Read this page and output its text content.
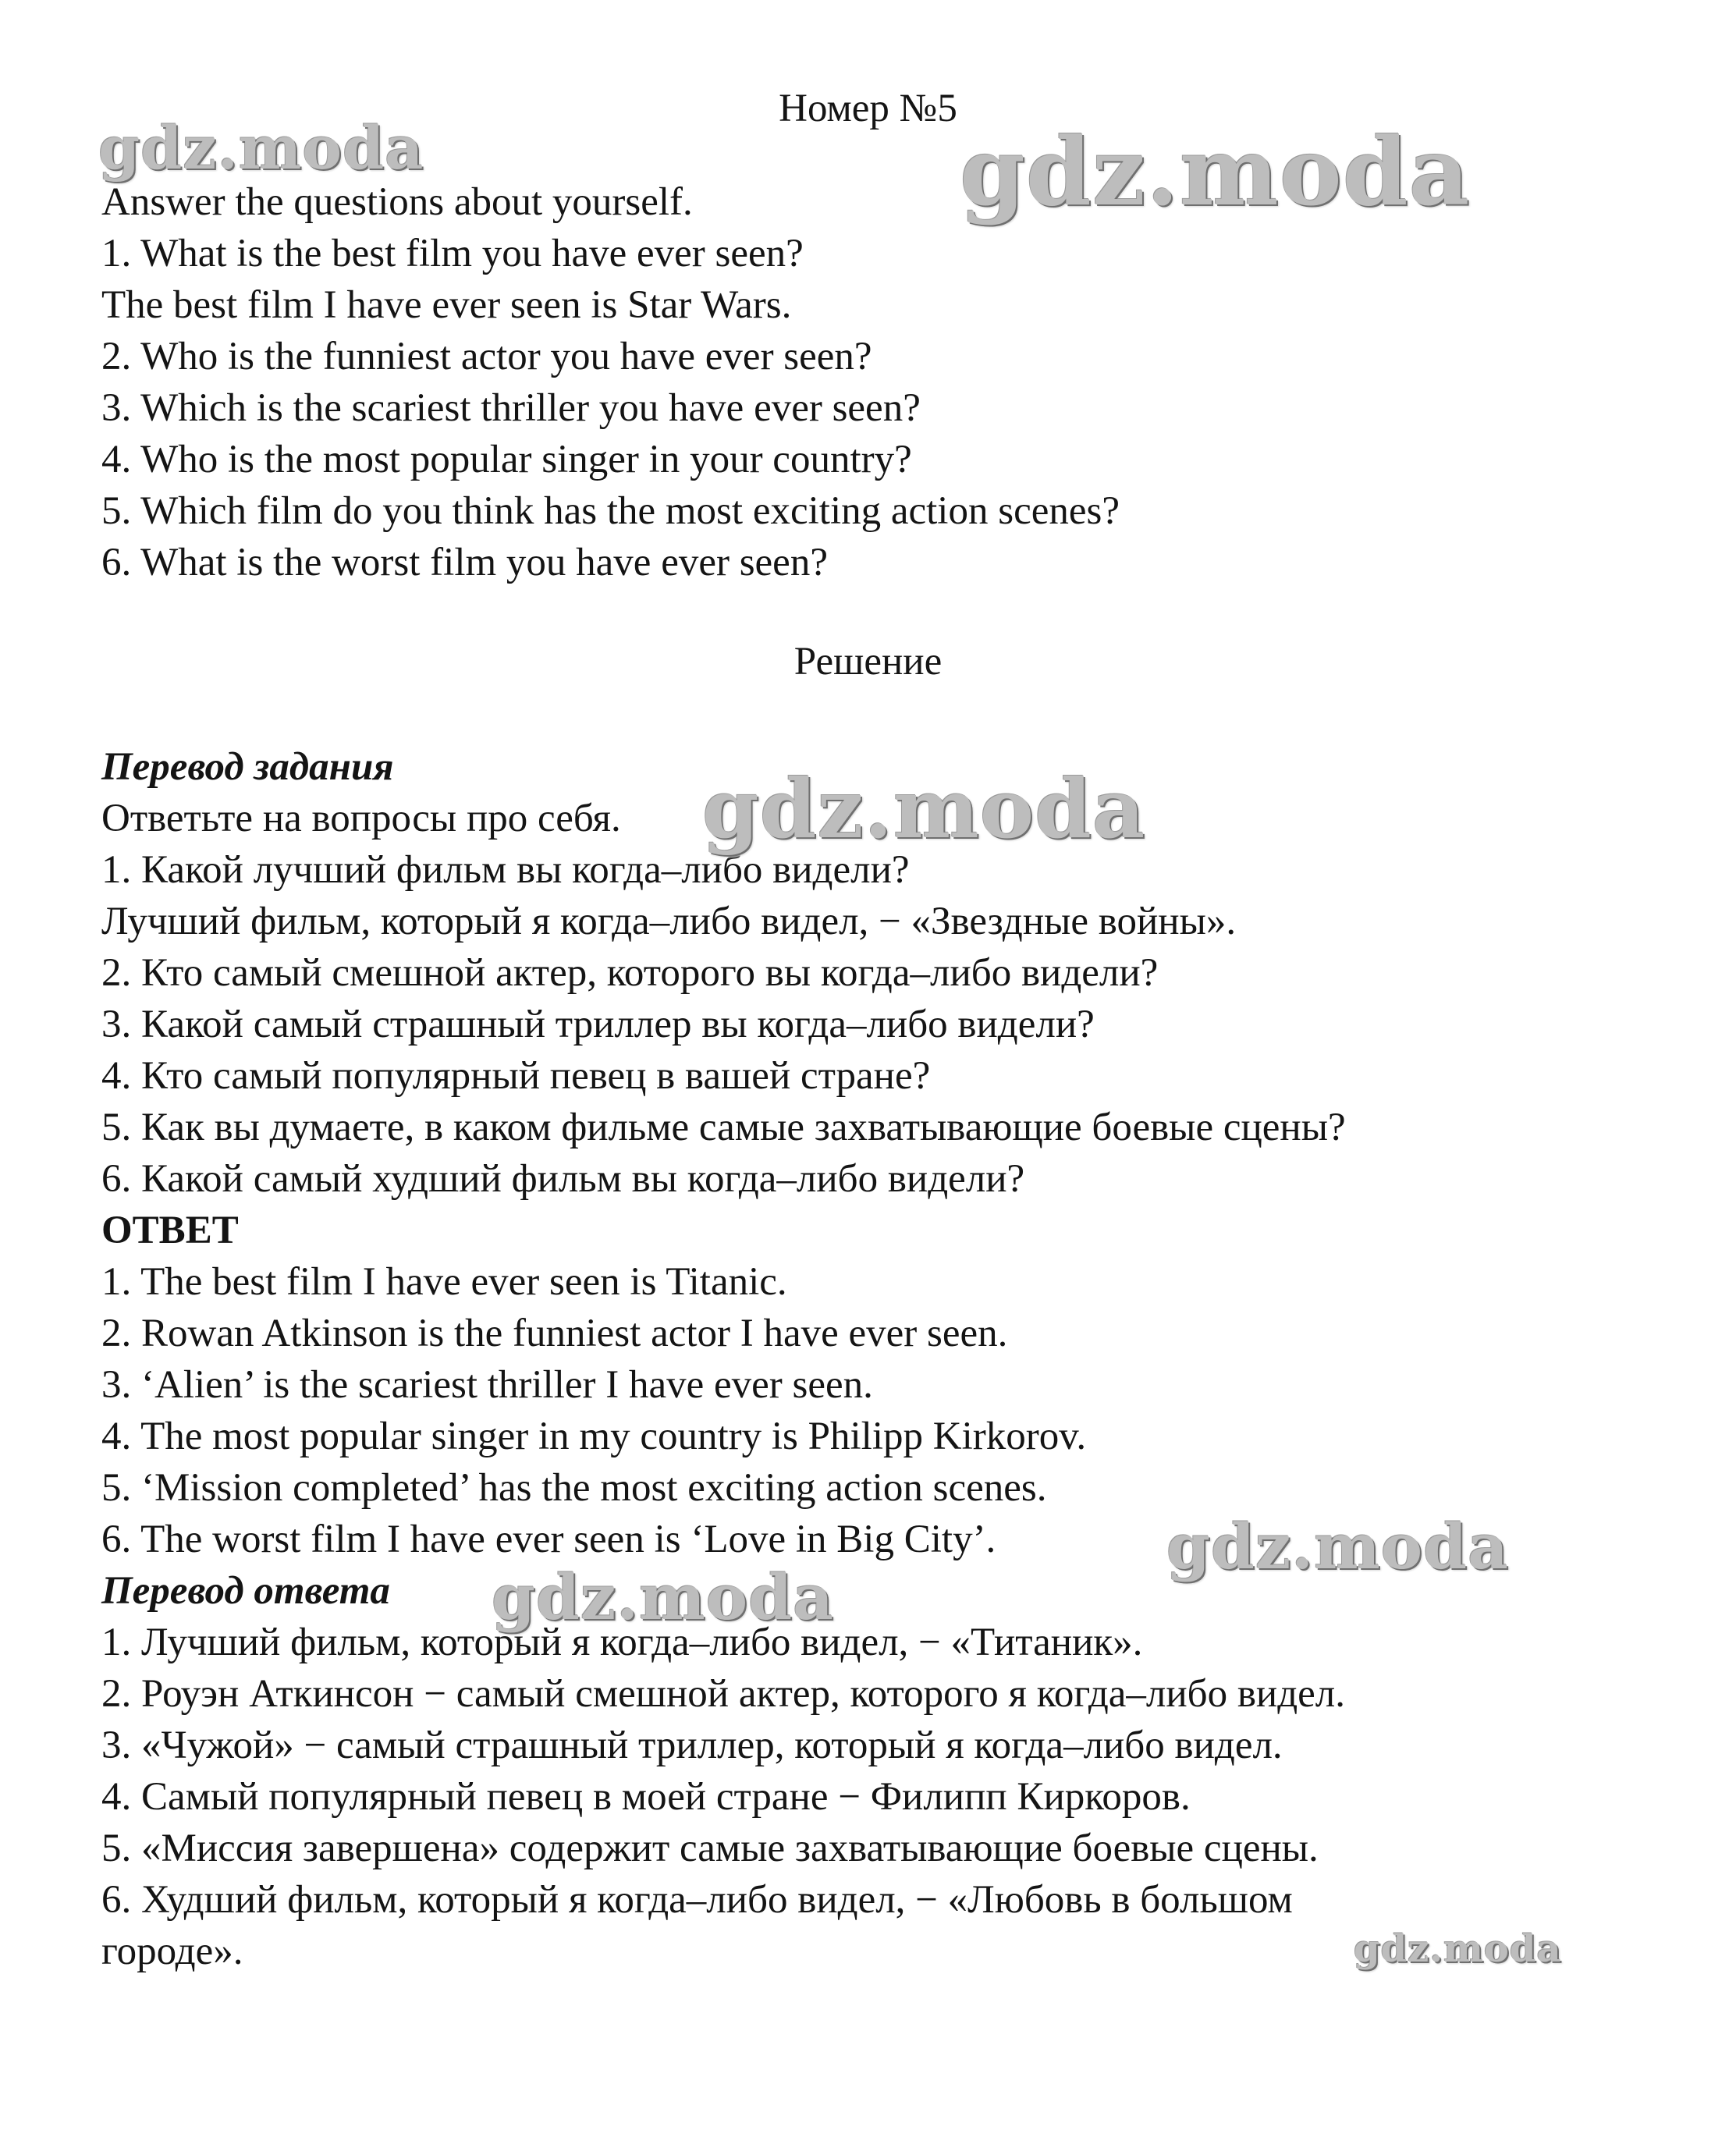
Номер №5
Answer the questions about yourself.
1. What is the best film you have ever seen?
The best film I have ever seen is Star Wars.
2. Who is the funniest actor you have ever seen?
3. Which is the scariest thriller you have ever seen?
4. Who is the most popular singer in your country?
5. Which film do you think has the most exciting action scenes?
6. What is the worst film you have ever seen?
Решение
Перевод задания
Ответьте на вопросы про себя.
1. Какой лучший фильм вы когда–либо видели?
Лучший фильм, который я когда–либо видел, − «Звездные войны».
2. Кто самый смешной актер, которого вы когда–либо видели?
3. Какой самый страшный триллер вы когда–либо видели?
4. Кто самый популярный певец в вашей стране?
5. Как вы думаете, в каком фильме самые захватывающие боевые сцены?
6. Какой самый худший фильм вы когда–либо видели?
ОТВЕТ
1. The best film I have ever seen is Titanic.
2. Rowan Atkinson is the funniest actor I have ever seen.
3. ‘Alien’ is the scariest thriller I have ever seen.
4. The most popular singer in my country is Philipp Kirkorov.
5. ‘Mission completed’ has the most exciting action scenes.
6. The worst film I have ever seen is ‘Love in Big City’.
Перевод ответа
1. Лучший фильм, который я когда–либо видел, − «Титаник».
2. Роуэн Аткинсон − самый смешной актер, которого я когда–либо видел.
3. «Чужой» − самый страшный триллер, который я когда–либо видел.
4. Самый популярный певец в моей стране − Филипп Киркоров.
5. «Миссия завершена» содержит самые захватывающие боевые сцены.
6. Худший фильм, который я когда–либо видел, − «Любовь в большом
городе».
gdz.moda	gdz.moda
gdz.moda
gdz.moda
gdz.moda
gdz.moda
